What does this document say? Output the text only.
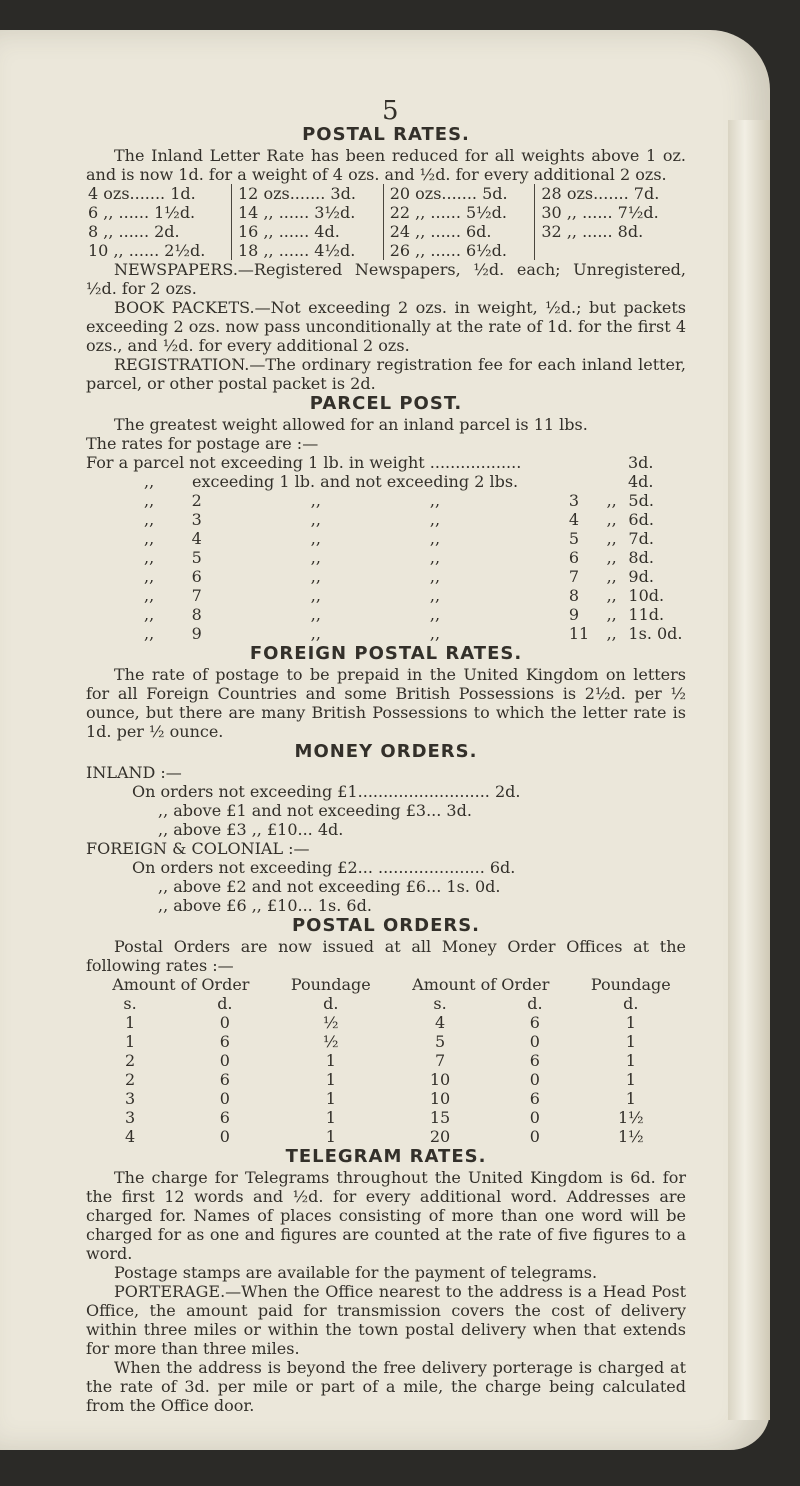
5
POSTAL RATES.

The Inland Letter Rate has been reduced for all weights above 1 oz. and is now 1d. for a weight of 4 ozs. and ½d. for every additional 2 ozs.

4 ozs....... 1d.	12 ozs....... 3d.	20 ozs....... 5d.	28 ozs....... 7d.
6 ,, ...... 1½d.	14 ,, ...... 3½d.	22 ,, ...... 5½d.	30 ,, ...... 7½d.
8 ,, ...... 2d.	16 ,, ...... 4d.	24 ,, ...... 6d.	32 ,, ...... 8d.
10 ,, ...... 2½d.	18 ,, ...... 4½d.	26 ,, ...... 6½d.	

NEWSPAPERS.—Registered Newspapers, ½d. each; Unregistered, ½d. for 2 ozs.

BOOK PACKETS.—Not exceeding 2 ozs. in weight, ½d.; but packets exceeding 2 ozs. now pass unconditionally at the rate of 1d. for the first 4 ozs., and ½d. for every additional 2 ozs.

REGISTRATION.—The ordinary registration fee for each inland letter, parcel, or other postal packet is 2d.

PARCEL POST.

The greatest weight allowed for an inland parcel is 11 lbs.

The rates for postage are :—

For a parcel not exceeding 1 lb. in weight ..................	3d.
,,	exceeding 1 lb. and not exceeding 2 lbs.	4d.
,,	2	,,	,,	3	,, 5d.
,,	3	,,	,,	4	,, 6d.
,,	4	,,	,,	5	,, 7d.
,,	5	,,	,,	6	,, 8d.
,,	6	,,	,,	7	,, 9d.
,,	7	,,	,,	8	,, 10d.
,,	8	,,	,,	9	,, 11d.
,,	9	,,	,,	11	,, 1s. 0d.
FOREIGN POSTAL RATES.

The rate of postage to be prepaid in the United Kingdom on letters for all Foreign Countries and some British Possessions is 2½d. per ½ ounce, but there are many British Possessions to which the letter rate is 1d. per ½ ounce.

MONEY ORDERS.

INLAND :—

On orders not exceeding £1.......................... 2d.

,, above £1 and not exceeding £3... 3d.

,, above £3 ,, £10... 4d.

FOREIGN & COLONIAL :—

On orders not exceeding £2... ..................... 6d.

,, above £2 and not exceeding £6... 1s. 0d.

,, above £6 ,, £10... 1s. 6d.

POSTAL ORDERS.

Postal Orders are now issued at all Money Order Offices at the following rates :—

Amount of Order		Poundage	Amount of Order		Poundage
s.	d.	d.	s.	d.	d.
1	0	½	4	6	1
1	6	½	5	0	1
2	0	1	7	6	1
2	6	1	10	0	1
3	0	1	10	6	1
3	6	1	15	0	1½
4	0	1	20	0	1½
TELEGRAM RATES.

The charge for Telegrams throughout the United Kingdom is 6d. for the first 12 words and ½d. for every additional word. Addresses are charged for. Names of places consisting of more than one word will be charged for as one and figures are counted at the rate of five figures to a word.

Postage stamps are available for the payment of telegrams.

PORTERAGE.—When the Office nearest to the address is a Head Post Office, the amount paid for transmission covers the cost of delivery within three miles or within the town postal delivery when that extends for more than three miles.

When the address is beyond the free delivery porterage is charged at the rate of 3d. per mile or part of a mile, the charge being calculated from the Office door.
